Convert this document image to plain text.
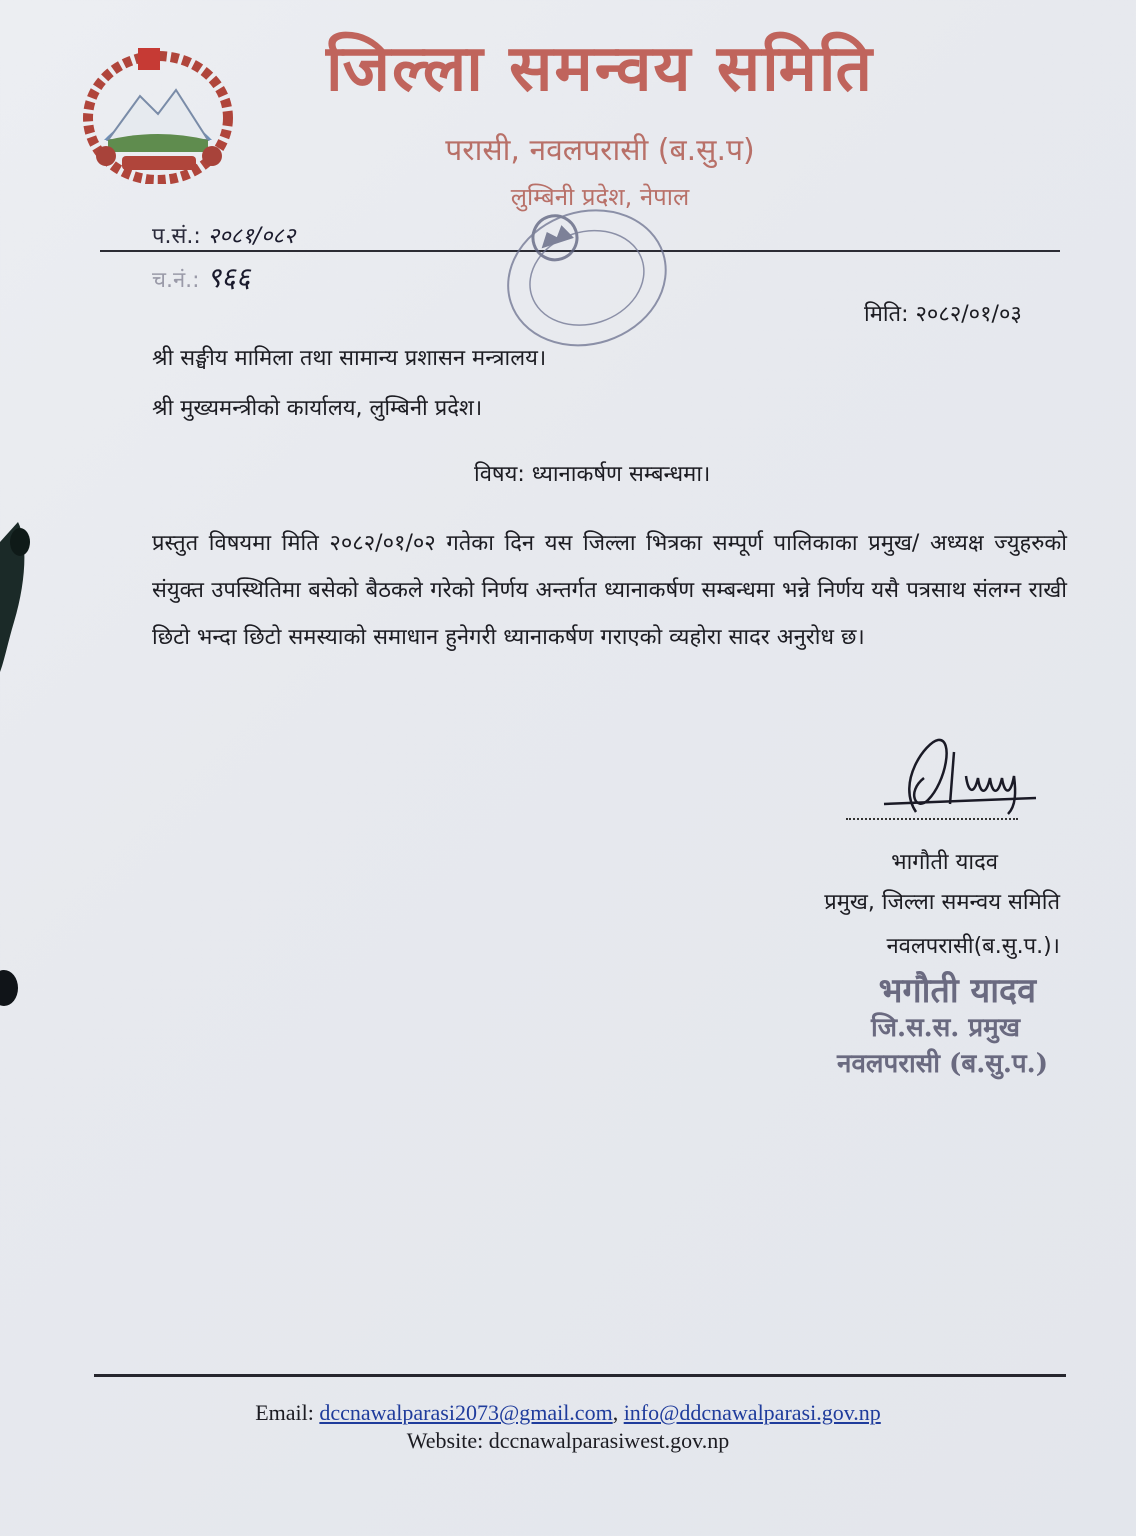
जिल्ला समन्वय समिति
परासी, नवलपरासी (ब.सु.प)
लुम्बिनी प्रदेश, नेपाल
प.सं.: २०८१/०८२
च.नं.: ९६६
मिति: २०८२/०१/०३
श्री सङ्घीय मामिला तथा सामान्य प्रशासन मन्त्रालय।
श्री मुख्यमन्त्रीको कार्यालय, लुम्बिनी प्रदेश।
विषय: ध्यानाकर्षण सम्बन्धमा।
प्रस्तुत विषयमा मिति २०८२/०१/०२ गतेका दिन यस जिल्ला भित्रका सम्पूर्ण पालिकाका प्रमुख/ अध्यक्ष ज्युहरुको संयुक्त उपस्थितिमा बसेको बैठकले गरेको निर्णय अन्तर्गत ध्यानाकर्षण सम्बन्धमा भन्ने निर्णय यसै पत्रसाथ संलग्न राखी छिटो भन्दा छिटो समस्याको समाधान हुनेगरी ध्यानाकर्षण गराएको व्यहोरा सादर अनुरोध छ।
भागौती यादव
प्रमुख, जिल्ला समन्वय समिति
नवलपरासी(ब.सु.प.)।
भगौती यादव
जि.स.स. प्रमुख
नवलपरासी (ब.सु.प.)
Email: dccnawalparasi2073@gmail.com, info@ddcnawalparasi.gov.np
Website: dccnawalparasiwest.gov.np
